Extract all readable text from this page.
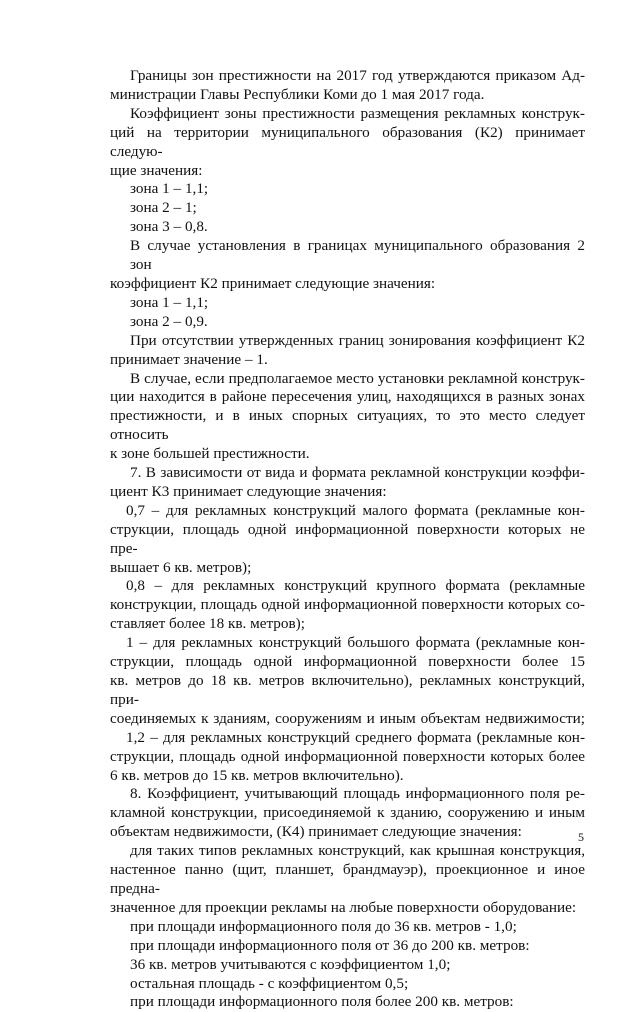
Границы зон престижности на 2017 год утверждаются приказом Ад-
министрации Главы Республики Коми до 1 мая 2017 года.
Коэффициент зоны престижности размещения рекламных конструк-
ций на территории муниципального образования (К2) принимает следую-
щие значения:
зона 1 – 1,1;
зона 2 – 1;
зона 3 – 0,8.
В случае установления в границах муниципального образования 2 зон
коэффициент К2 принимает следующие значения:
зона 1 – 1,1;
зона 2 – 0,9.
При отсутствии утвержденных границ зонирования коэффициент К2
принимает значение – 1.
В случае, если предполагаемое место установки рекламной конструк-
ции находится в районе пересечения улиц, находящихся в разных зонах
престижности, и в иных спорных ситуациях, то это место следует относить
к зоне большей престижности.
7. В зависимости от вида и формата рекламной конструкции коэффи-
циент К3 принимает следующие значения:
0,7 – для рекламных конструкций малого формата (рекламные кон-
струкции, площадь одной информационной поверхности которых не пре-
вышает 6 кв. метров);
0,8 – для рекламных конструкций крупного формата (рекламные
конструкции, площадь одной информационной поверхности которых со-
ставляет более 18 кв. метров);
1 – для рекламных конструкций большого формата (рекламные кон-
струкции, площадь одной информационной поверхности более 15
кв. метров до 18 кв. метров включительно), рекламных конструкций, при-
соединяемых к зданиям, сооружениям и иным объектам недвижимости;
1,2 – для рекламных конструкций среднего формата (рекламные кон-
струкции, площадь одной информационной поверхности которых более
6 кв. метров до 15 кв. метров включительно).
8. Коэффициент, учитывающий площадь информационного поля ре-
кламной конструкции, присоединяемой к зданию, сооружению и иным
объектам недвижимости, (К4) принимает следующие значения:
для таких типов рекламных конструкций, как крышная конструкция,
настенное панно (щит, планшет, брандмауэр), проекционное и иное предна-
значенное для проекции рекламы на любые поверхности оборудование:
при площади информационного поля до 36 кв. метров - 1,0;
при площади информационного поля от 36 до 200 кв. метров:
36 кв. метров учитываются с коэффициентом 1,0;
остальная площадь - с коэффициентом 0,5;
при площади информационного поля более 200 кв. метров:
5
